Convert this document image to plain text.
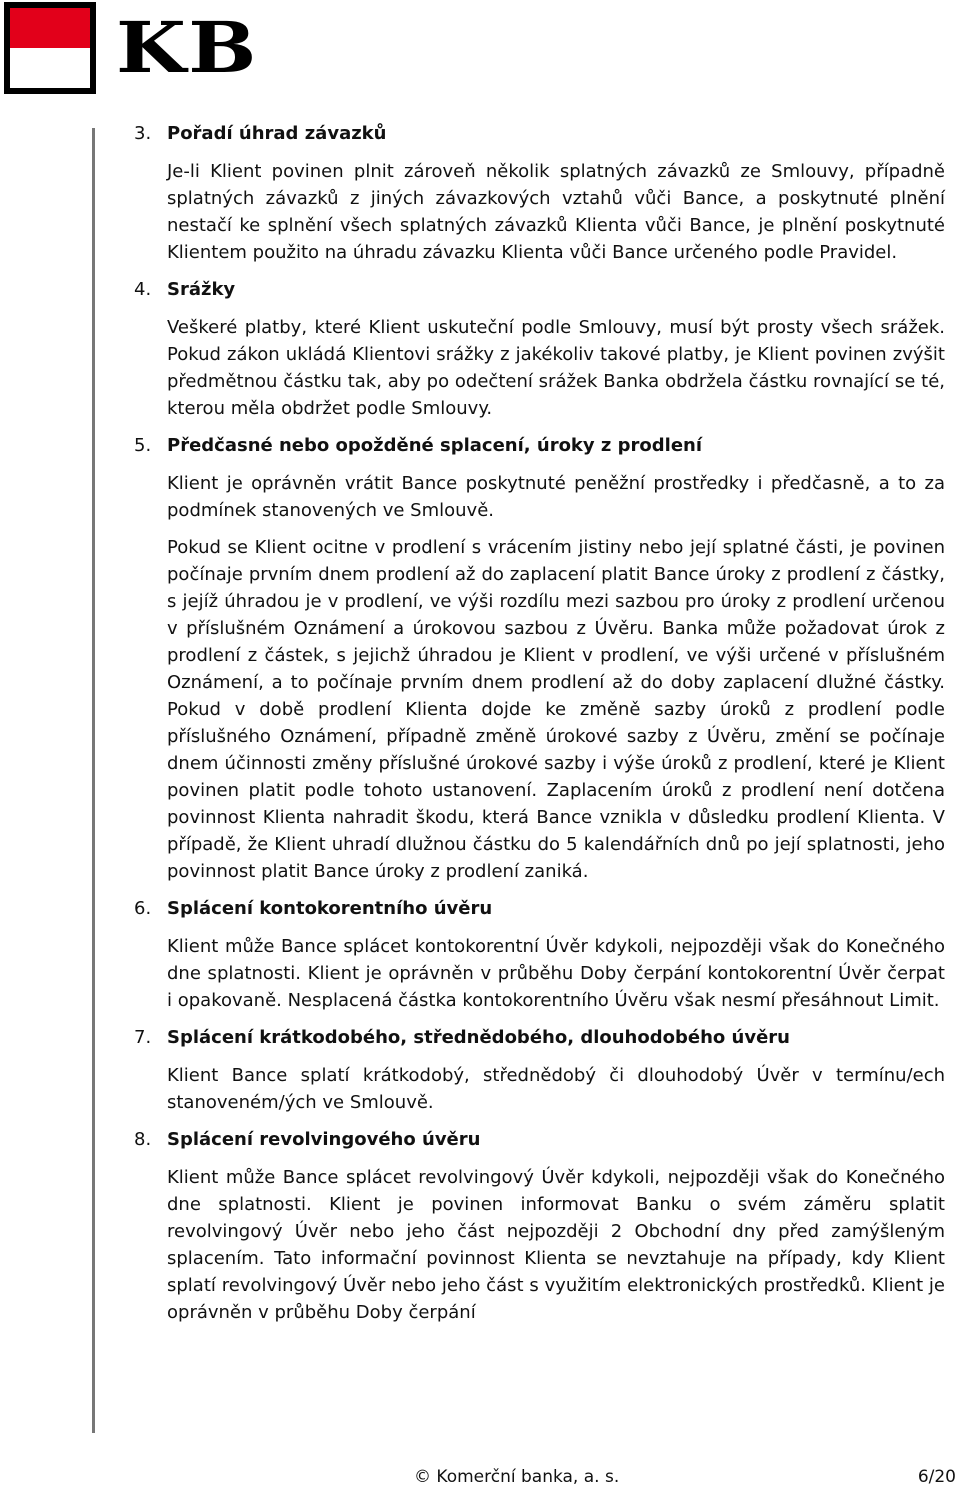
KB
3. Pořadí úhrad závazků

Je-li Klient povinen plnit zároveň několik splatných závazků ze Smlouvy, případně splatných závazků z jiných závazkových vztahů vůči Bance, a poskytnuté plnění nestačí ke splnění všech splatných závazků Klienta vůči Bance, je plnění poskytnuté Klientem použito na úhradu závazku Klienta vůči Bance určeného podle Pravidel.

4. Srážky

Veškeré platby, které Klient uskuteční podle Smlouvy, musí být prosty všech srážek. Pokud zákon ukládá Klientovi srážky z jakékoliv takové platby, je Klient povinen zvýšit předmětnou částku tak, aby po odečtení srážek Banka obdržela částku rovnající se té, kterou měla obdržet podle Smlouvy.

5. Předčasné nebo opožděné splacení, úroky z prodlení

Klient je oprávněn vrátit Bance poskytnuté peněžní prostředky i předčasně, a to za podmínek stanovených ve Smlouvě.

Pokud se Klient ocitne v prodlení s vrácením jistiny nebo její splatné části, je povinen počínaje prvním dnem prodlení až do zaplacení platit Bance úroky z prodlení z částky, s jejíž úhradou je v prodlení, ve výši rozdílu mezi sazbou pro úroky z prodlení určenou v příslušném Oznámení a úrokovou sazbou z Úvěru. Banka může požadovat úrok z prodlení z částek, s jejichž úhradou je Klient v prodlení, ve výši určené v příslušném Oznámení, a to počínaje prvním dnem prodlení až do doby zaplacení dlužné částky. Pokud v době prodlení Klienta dojde ke změně sazby úroků z prodlení podle příslušného Oznámení, případně změně úrokové sazby z Úvěru, změní se počínaje dnem účinnosti změny příslušné úrokové sazby i výše úroků z prodlení, které je Klient povinen platit podle tohoto ustanovení. Zaplacením úroků z prodlení není dotčena povinnost Klienta nahradit škodu, která Bance vznikla v důsledku prodlení Klienta. V případě, že Klient uhradí dlužnou částku do 5 kalendářních dnů po její splatnosti, jeho povinnost platit Bance úroky z prodlení zaniká.

6. Splácení kontokorentního úvěru

Klient může Bance splácet kontokorentní Úvěr kdykoli, nejpozději však do Konečného dne splatnosti. Klient je oprávněn v průběhu Doby čerpání kontokorentní Úvěr čerpat i opakovaně. Nesplacená částka kontokorentního Úvěru však nesmí přesáhnout Limit.

7. Splácení krátkodobého, střednědobého, dlouhodobého úvěru

Klient Bance splatí krátkodobý, střednědobý či dlouhodobý Úvěr v termínu/ech stanoveném/ých ve Smlouvě.

8. Splácení revolvingového úvěru

Klient může Bance splácet revolvingový Úvěr kdykoli, nejpozději však do Konečného dne splatnosti. Klient je povinen informovat Banku o svém záměru splatit revolvingový Úvěr nebo jeho část nejpozději 2 Obchodní dny před zamýšleným splacením. Tato informační povinnost Klienta se nevztahuje na případy, kdy Klient splatí revolvingový Úvěr nebo jeho část s využitím elektronických prostředků. Klient je oprávněn v průběhu Doby čerpání

© Komerční banka, a. s.	6/20
